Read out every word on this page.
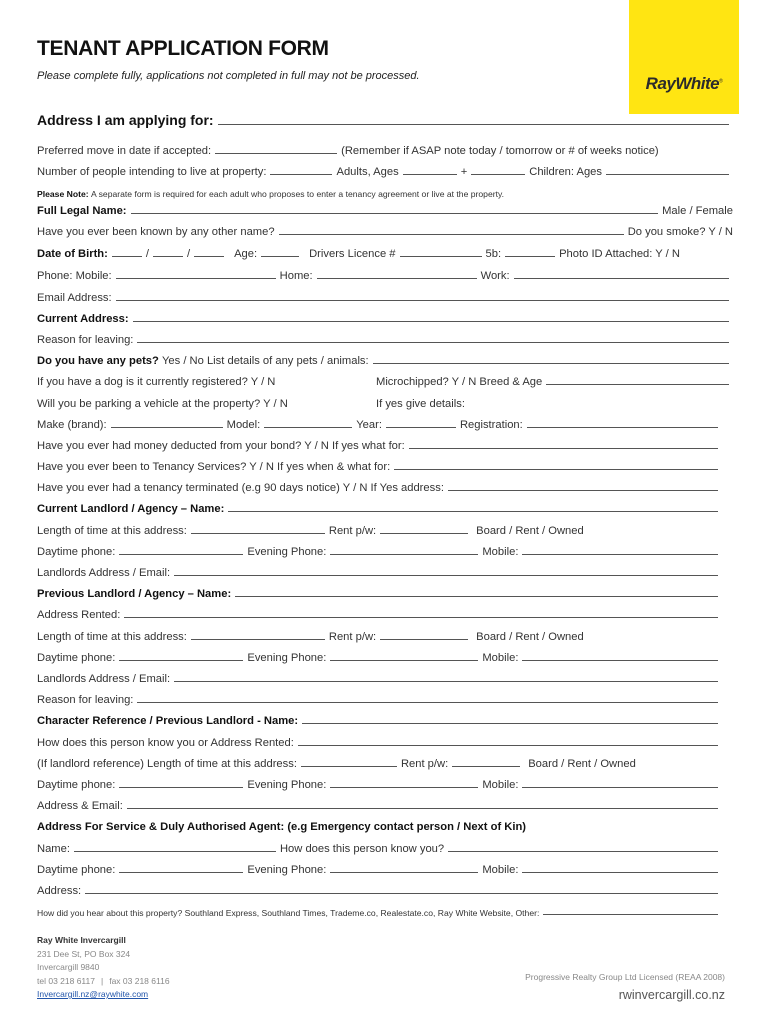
RayWhite®
TENANT APPLICATION FORM

Please complete fully, applications not completed in full may not be processed.

Address I am applying for:
Preferred move in date if accepted:	(Remember if ASAP note today / tomorrow or # of weeks notice)
Number of people intending to live at property:	Adults, Ages	+	Children: Ages
Please Note:
A separate form is required for each adult who proposes to enter a tenancy agreement or live at the property.
Full Legal Name:	Male / Female
Have you ever been known by any other name?	Do you smoke? Y / N
Date of Birth:	/	/	Age:	Drivers Licence #	5b:	Photo ID Attached: Y / N
Phone: Mobile:	Home:	Work:
Email Address:
Current Address:
Reason for leaving:
Do you have any pets?
Yes / No List details of any pets / animals:
If you have a dog is it currently registered? Y / N	Microchipped? Y / N Breed & Age
Will you be parking a vehicle at the property? Y / N	If yes give details:
Make (brand):	Model:	Year:	Registration:
Have you ever had money deducted from your bond? Y / N If yes what for:
Have you ever been to Tenancy Services? Y / N If yes when & what for:
Have you ever had a tenancy terminated (e.g 90 days notice) Y / N If Yes address:
Current Landlord / Agency – Name:
Length of time at this address:	Rent p/w:	Board / Rent / Owned
Daytime phone:	Evening Phone:	Mobile:
Landlords Address / Email:
Previous Landlord / Agency – Name:
Address Rented:
Length of time at this address:	Rent p/w:	Board / Rent / Owned
Daytime phone:	Evening Phone:	Mobile:
Landlords Address / Email:
Reason for leaving:
Character Reference / Previous Landlord - Name:
How does this person know you or Address Rented:
(If landlord reference) Length of time at this address:	Rent p/w:	Board / Rent / Owned
Daytime phone:	Evening Phone:	Mobile:
Address & Email:
Address For Service & Duly Authorised Agent: (e.g Emergency contact person / Next of Kin)
Name:	How does this person know you?
Daytime phone:	Evening Phone:	Mobile:
Address:
How did you hear about this property? Southland Express, Southland Times, Trademe.co, Realestate.co, Ray White Website, Other:
Ray White Invercargill
231 Dee St, PO Box 324
Invercargill 9840
tel 03 218 6117 | fax 03 218 6116
Invercargill.nz@raywhite.com
Progressive Realty Group Ltd Licensed (REAA 2008)
rwinvercargill.co.nz
